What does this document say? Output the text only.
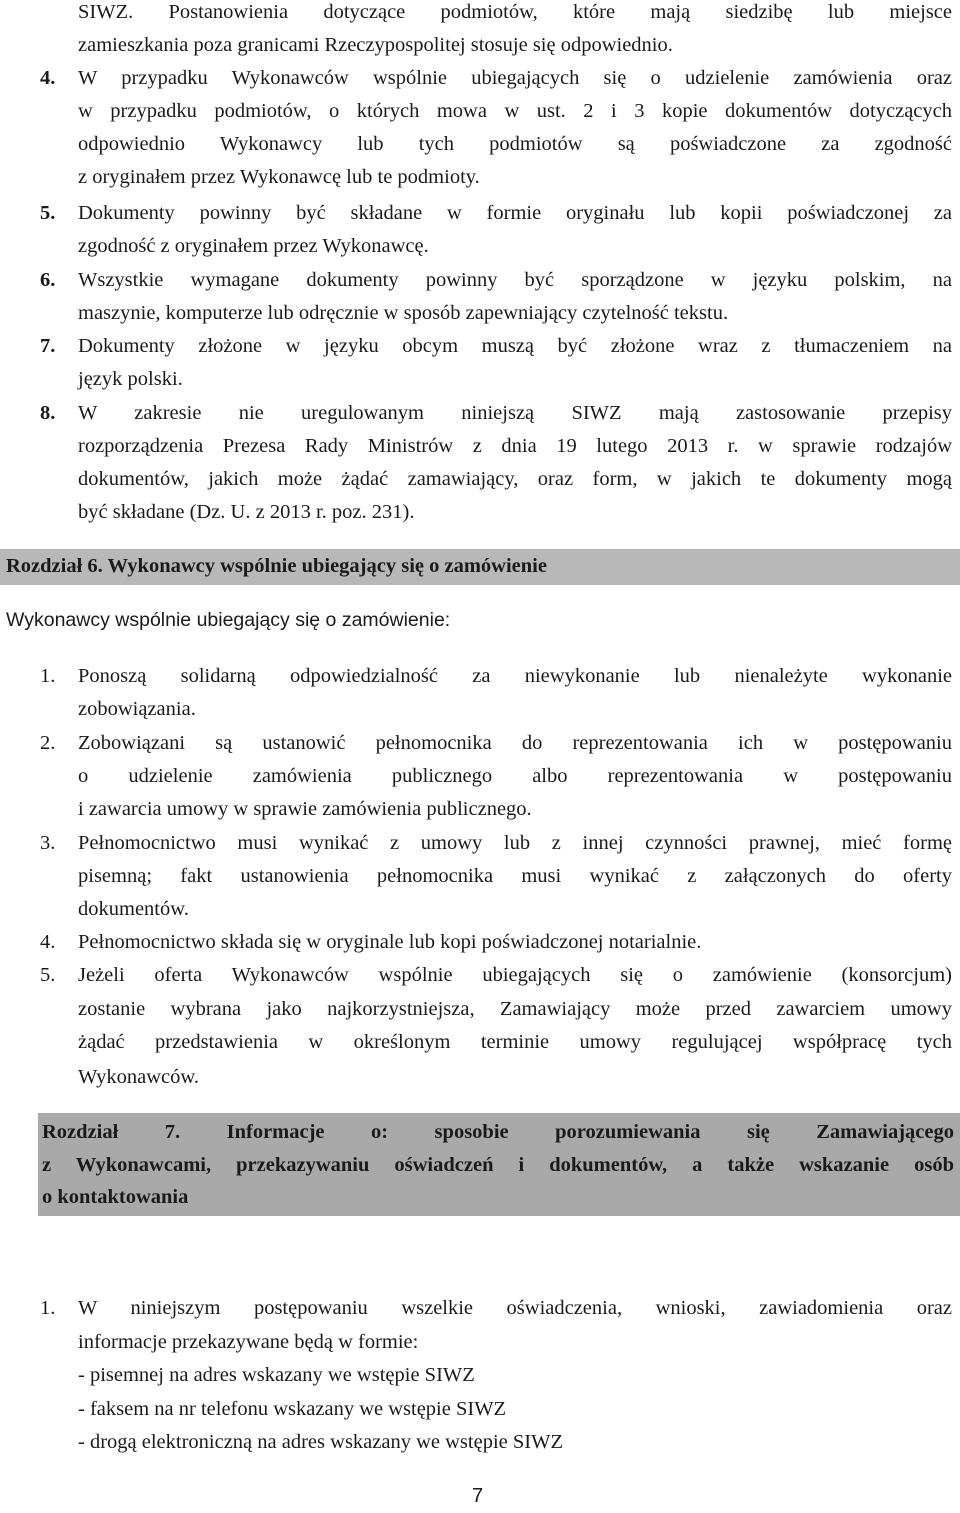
SIWZ. Postanowienia dotyczące podmiotów, które mają siedzibę lub miejsce
zamieszkania poza granicami Rzeczypospolitej stosuje się odpowiednio.
4. W przypadku Wykonawców wspólnie ubiegających się o udzielenie zamówienia oraz
w przypadku podmiotów, o których mowa w ust. 2 i 3 kopie dokumentów dotyczących
odpowiednio Wykonawcy lub tych podmiotów są poświadczone za zgodność
z oryginałem przez Wykonawcę lub te podmioty.
5. Dokumenty powinny być składane w formie oryginału lub kopii poświadczonej za
zgodność z oryginałem przez Wykonawcę.
6. Wszystkie wymagane dokumenty powinny być sporządzone w języku polskim, na
maszynie, komputerze lub odręcznie w sposób zapewniający czytelność tekstu.
7. Dokumenty złożone w języku obcym muszą być złożone wraz z tłumaczeniem na
język polski.
8. W zakresie nie uregulowanym niniejszą SIWZ mają zastosowanie przepisy
rozporządzenia Prezesa Rady Ministrów z dnia 19 lutego 2013 r. w sprawie rodzajów
dokumentów, jakich może żądać zamawiający, oraz form, w jakich te dokumenty mogą
być składane (Dz. U. z 2013 r. poz. 231).
Rozdział 6. Wykonawcy wspólnie ubiegający się o zamówienie
Wykonawcy wspólnie ubiegający się o zamówienie:
1. Ponoszą solidarną odpowiedzialność za niewykonanie lub nienależyte wykonanie
zobowiązania.
2. Zobowiązani są ustanowić pełnomocnika do reprezentowania ich w postępowaniu
o udzielenie zamówienia publicznego albo reprezentowania w postępowaniu
i zawarcia umowy w sprawie zamówienia publicznego.
3. Pełnomocnictwo musi wynikać z umowy lub z innej czynności prawnej, mieć formę
pisemną; fakt ustanowienia pełnomocnika musi wynikać z załączonych do oferty
dokumentów.
4. Pełnomocnictwo składa się w oryginale lub kopi poświadczonej notarialnie.
5. Jeżeli oferta Wykonawców wspólnie ubiegających się o zamówienie (konsorcjum)
zostanie wybrana jako najkorzystniejsza, Zamawiający może przed zawarciem umowy
żądać przedstawienia w określonym terminie umowy regulującej współpracę tych
Wykonawców.
Rozdział 7. Informacje o: sposobie porozumiewania się Zamawiającego
z Wykonawcami, przekazywaniu oświadczeń i dokumentów, a także wskazanie osób
o kontaktowania
1. W niniejszym postępowaniu wszelkie oświadczenia, wnioski, zawiadomienia oraz
informacje przekazywane będą w formie:
- pisemnej na adres wskazany we wstępie SIWZ
- faksem na nr telefonu wskazany we wstępie SIWZ
- drogą elektroniczną na adres wskazany we wstępie SIWZ
7
